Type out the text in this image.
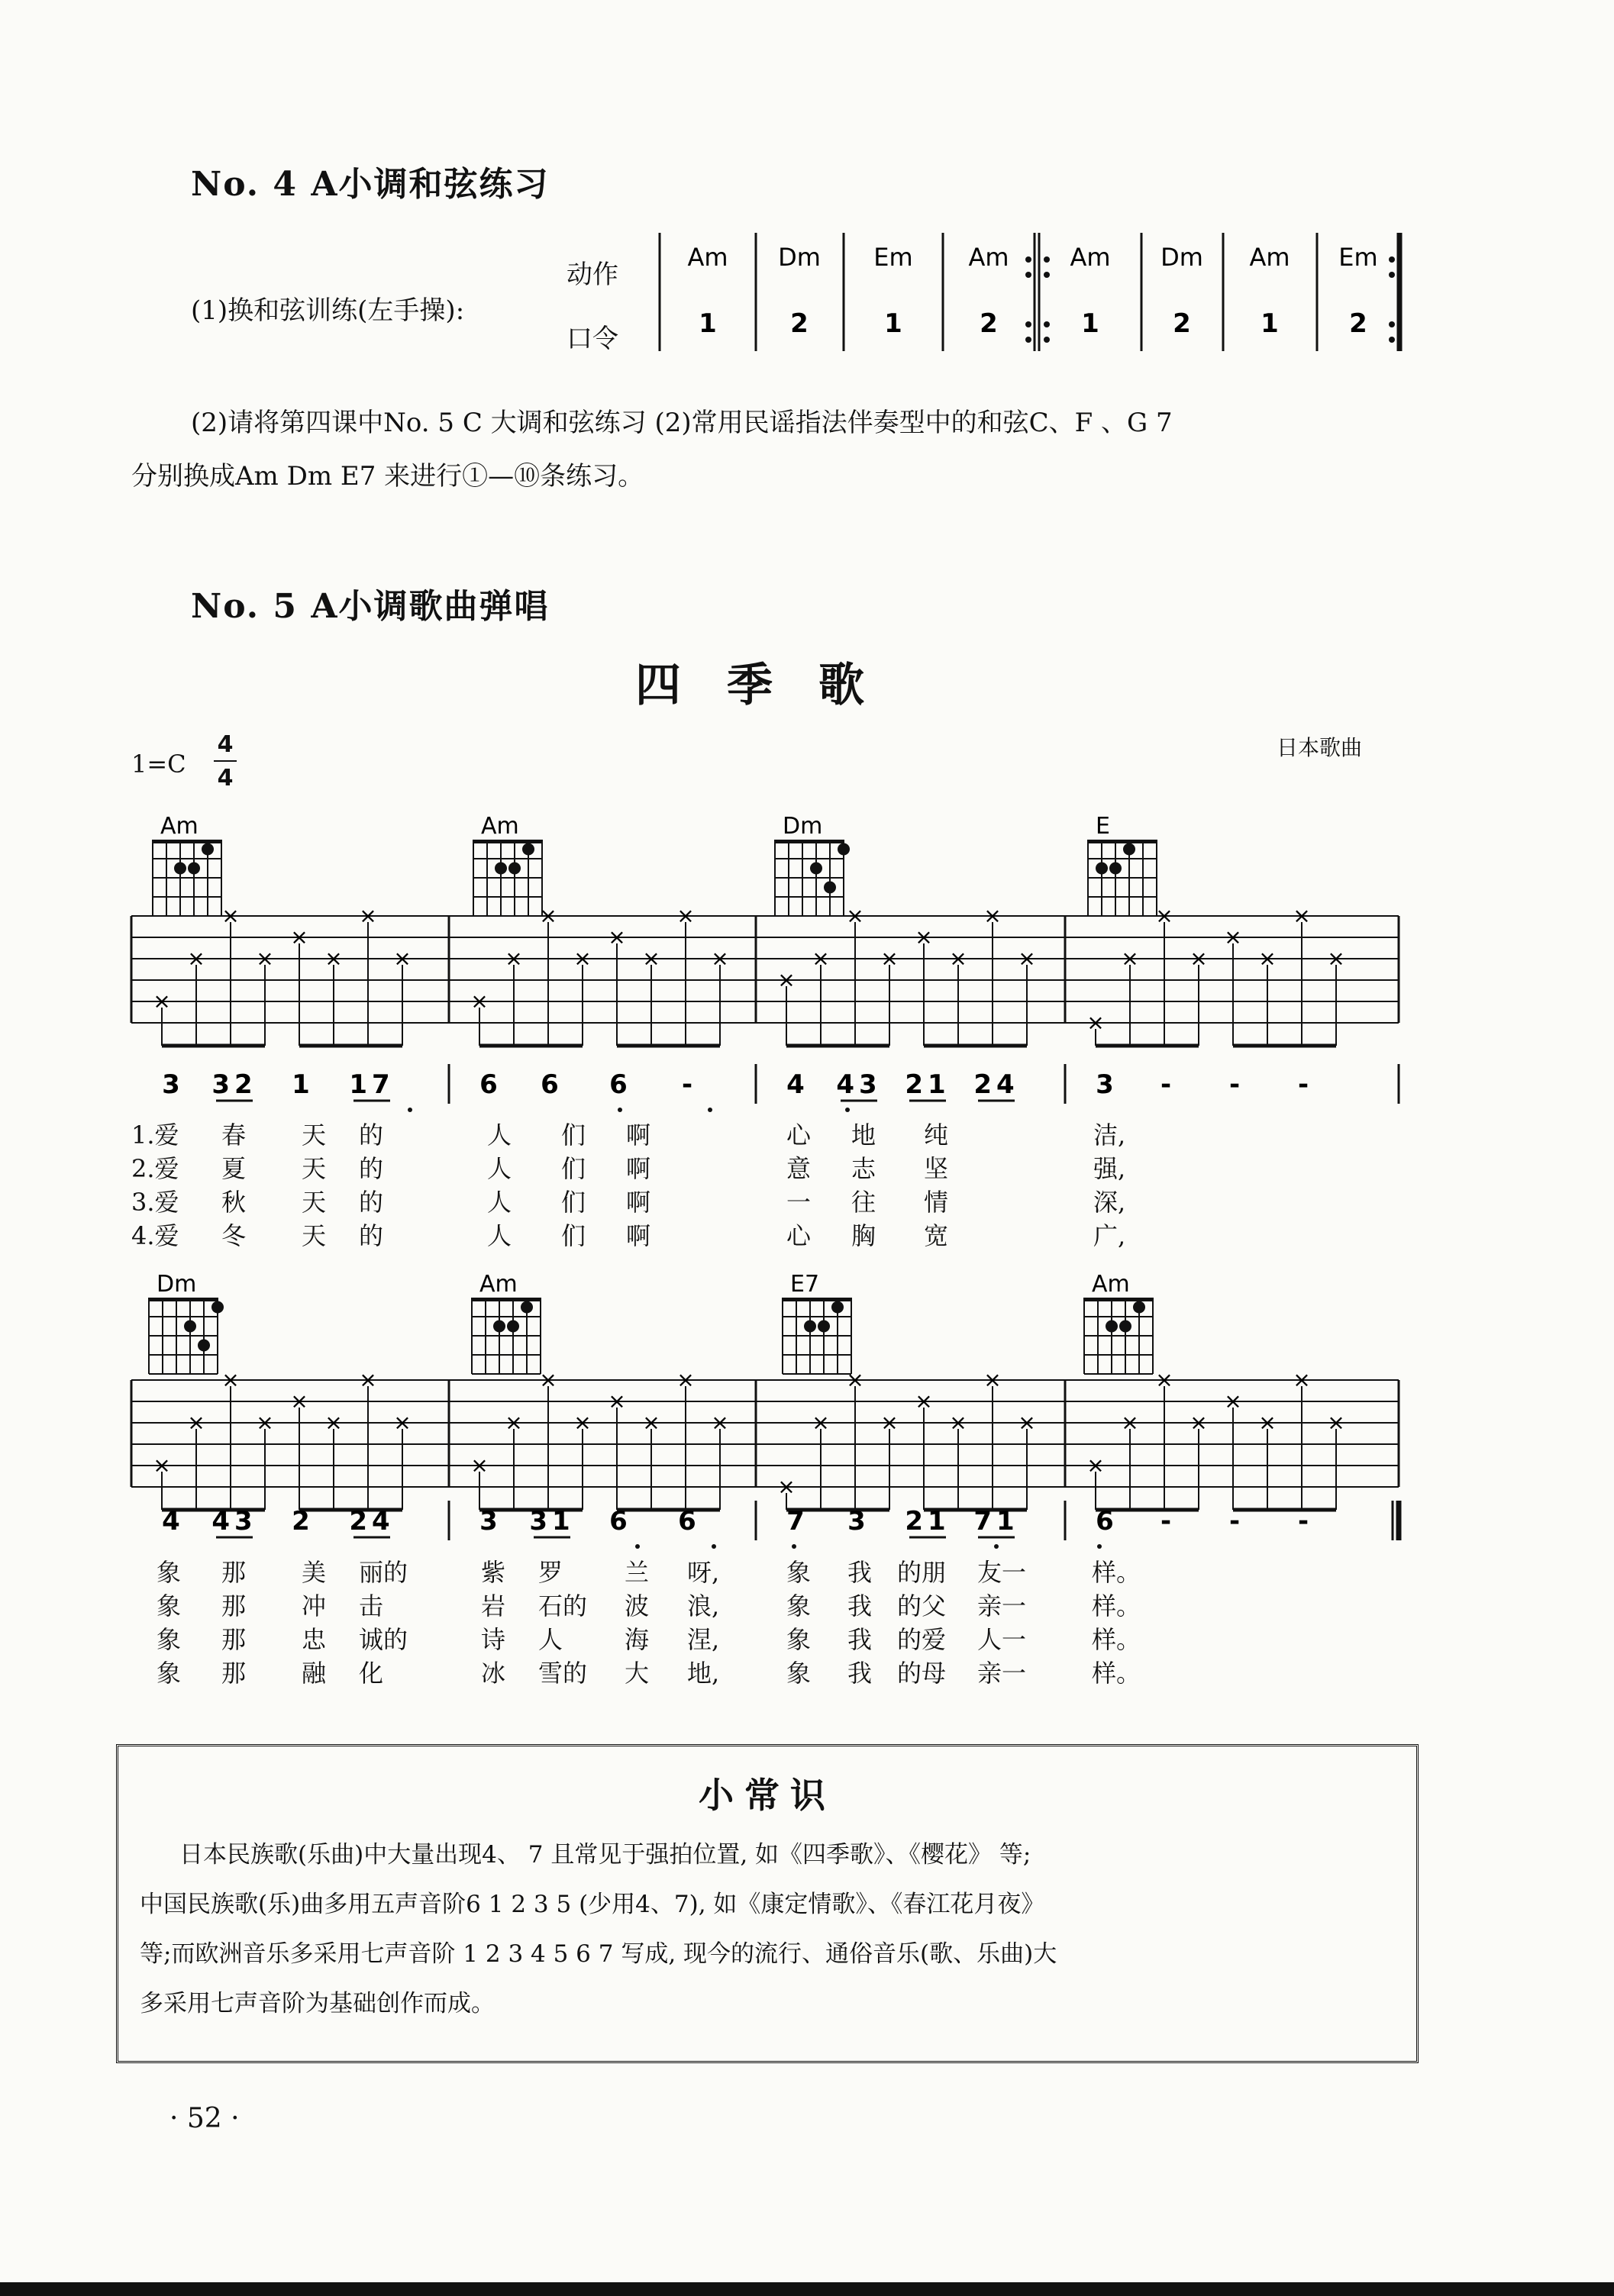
No. 4 A小调和弦练习
(1)换和弦训练(左手操):
动作
口令
Am Dm Em Am Am Dm Am Em
1	2	1	2	1	2	1	2
(2)请将第四课中No. 5 C 大调和弦练习 (2)常用民谣指法伴奏型中的和弦C、F 、G 7
分别换成Am Dm E7 来进行①—⑩条练习。
No. 5 A小调歌曲弹唱
四季歌
日本歌曲
1=C
4
4
Am	Am	Dm	E
×
×
×
×
×
×
×
×
×
×
×
×
×
×
×
×
×
×
×
×
×
×
×
×
×
×
×
×
×
×
×
×
3 32 1 17	6 6 6 -	4 43 21 24	3 - - -
1.爱 春 天 的	人 们 啊	心 地 纯	洁,
2.爱 夏 天 的	人 们 啊	意 志 坚	强,
3.爱 秋 天 的	人 们 啊	一 往 情	深,
4.爱 冬 天 的	人 们 啊	心 胸 宽	广,
Dm	Am	E7	Am
×
×
×
×
×
×
×
×
×
×
×
×
×
×
×
×
×
×
×
×
×
×
×
×
×
×
×
×
×
×
×
×
4 43 2 24	3 31 6 6	7 3 21 71	6 - - -
象 那 美 丽的	紫 罗	兰 呀,	象 我 的朋 友一	样。
象 那 冲 击	岩 石的 波 浪,	象 我 的父 亲一	样。
象 那 忠 诚的	诗 人	海 涅,	象 我 的爱 人一	样。
象 那 融 化	冰 雪的 大 地,	象 我 的母 亲一	样。
小常识
日本民族歌(乐曲)中大量出现4、 7 且常见于强拍位置, 如《四季歌》、《樱花》 等;
中国民族歌(乐)曲多用五声音阶6 1 2 3 5 (少用4、7), 如《康定情歌》、《春江花月夜》
等;而欧洲音乐多采用七声音阶 1 2 3 4 5 6 7 写成, 现今的流行、通俗音乐(歌、乐曲)大
多采用七声音阶为基础创作而成。
· 52 ·
